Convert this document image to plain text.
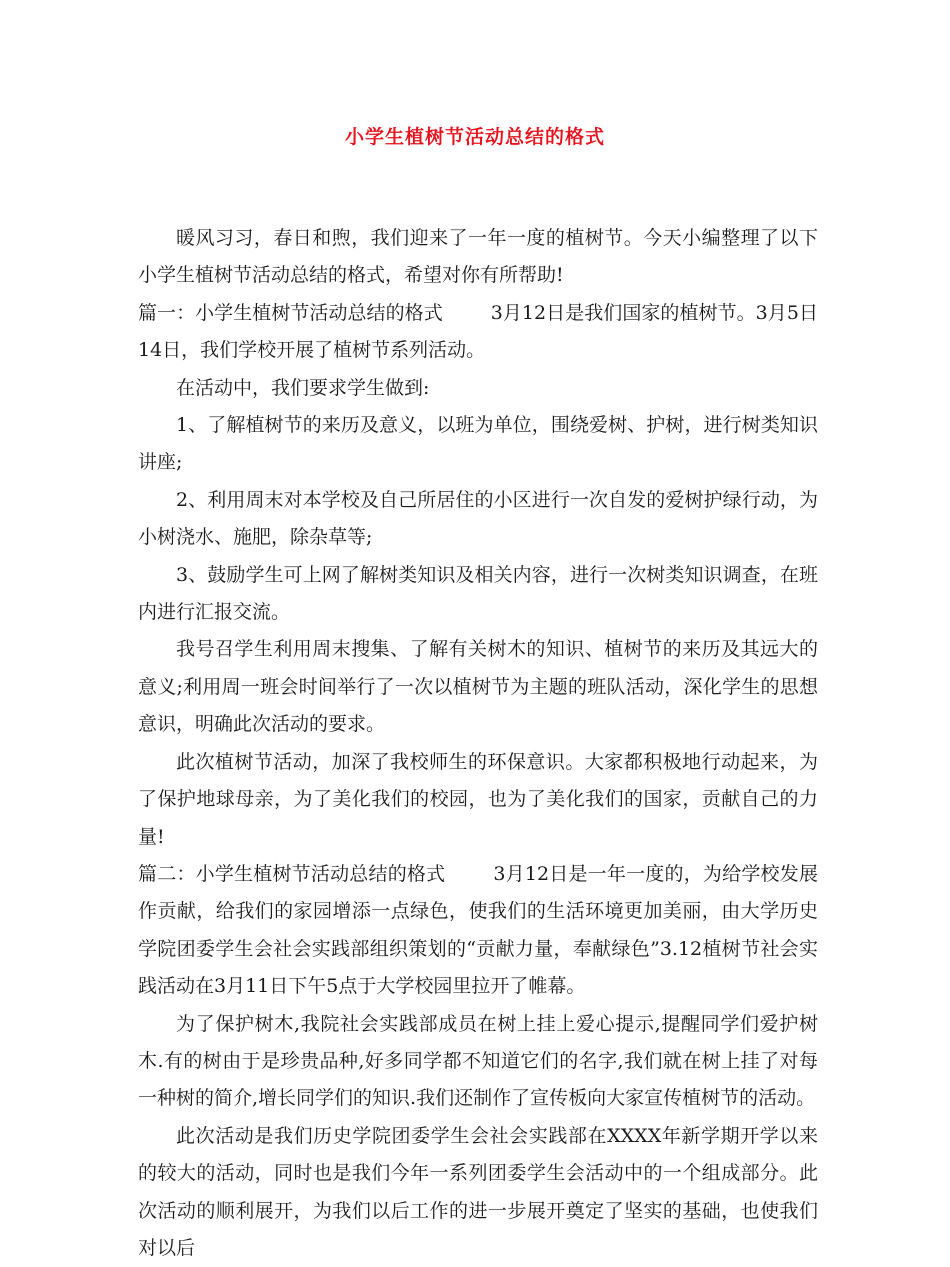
小学生植树节活动总结的格式

暖风习习，春日和煦，我们迎来了一年一度的植树节。今天小编整理了以下小学生植树节活动总结的格式，希望对你有所帮助!

篇一：小学生植树节活动总结的格式	3月12日是我们国家的植树节。3月5日14日，我们学校开展了植树节系列活动。

在活动中，我们要求学生做到:

1、了解植树节的来历及意义，以班为单位，围绕爱树、护树，进行树类知识讲座;

2、利用周末对本学校及自己所居住的小区进行一次自发的爱树护绿行动，为小树浇水、施肥，除杂草等;

3、鼓励学生可上网了解树类知识及相关内容，进行一次树类知识调查，在班内进行汇报交流。

我号召学生利用周末搜集、了解有关树木的知识、植树节的来历及其远大的意义;利用周一班会时间举行了一次以植树节为主题的班队活动，深化学生的思想意识，明确此次活动的要求。

此次植树节活动，加深了我校师生的环保意识。大家都积极地行动起来，为了保护地球母亲，为了美化我们的校园，也为了美化我们的国家，贡献自己的力量!

篇二：小学生植树节活动总结的格式	3月12日是一年一度的，为给学校发展作贡献，给我们的家园增添一点绿色，使我们的生活环境更加美丽，由大学历史学院团委学生会社会实践部组织策划的“贡献力量，奉献绿色”3.12植树节社会实践活动在3月11日下午5点于大学校园里拉开了帷幕。

为了保护树木,我院社会实践部成员在树上挂上爱心提示,提醒同学们爱护树木.有的树由于是珍贵品种,好多同学都不知道它们的名字,我们就在树上挂了对每一种树的简介,增长同学们的知识.我们还制作了宣传板向大家宣传植树节的活动。

此次活动是我们历史学院团委学生会社会实践部在XXXX年新学期开学以来的较大的活动，同时也是我们今年一系列团委学生会活动中的一个组成部分。此次活动的顺利展开，为我们以后工作的进一步展开奠定了坚实的基础，也使我们对以后
